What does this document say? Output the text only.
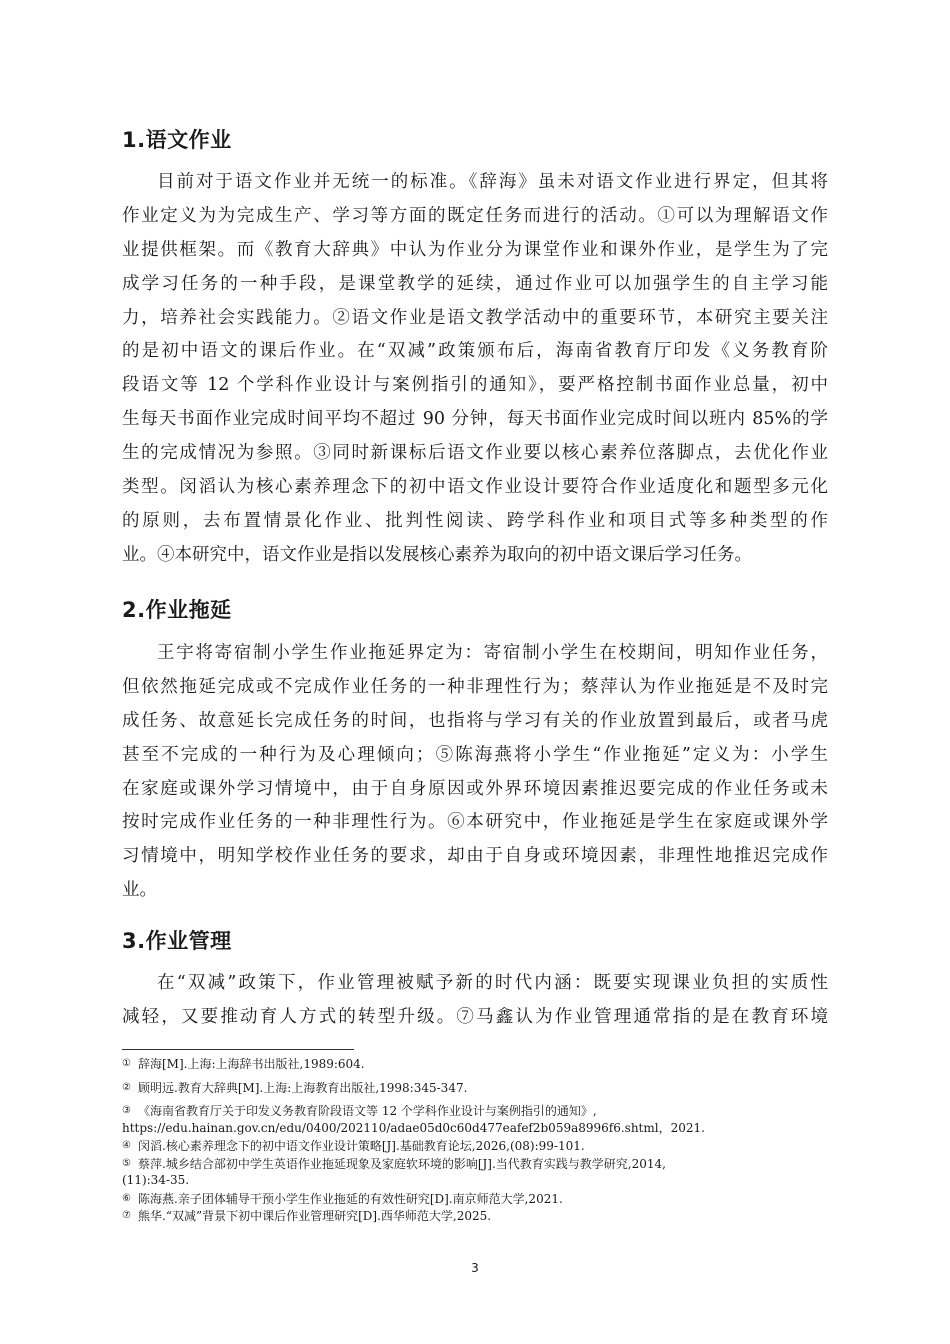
1.语文作业
目前对于语文作业并无统一的标准。《辞海》虽未对语文作业进行界定，但其将
作业定义为为完成生产、学习等方面的既定任务而进行的活动。①可以为理解语文作
业提供框架。而《教育大辞典》中认为作业分为课堂作业和课外作业，是学生为了完
成学习任务的一种手段，是课堂教学的延续，通过作业可以加强学生的自主学习能
力，培养社会实践能力。②语文作业是语文教学活动中的重要环节，本研究主要关注
的是初中语文的课后作业。在“双减”政策颁布后，海南省教育厅印发《义务教育阶
段语文等 12 个学科作业设计与案例指引的通知》，要严格控制书面作业总量，初中
生每天书面作业完成时间平均不超过 90 分钟，每天书面作业完成时间以班内 85%的学
生的完成情况为参照。③同时新课标后语文作业要以核心素养位落脚点，去优化作业
类型。闵滔认为核心素养理念下的初中语文作业设计要符合作业适度化和题型多元化
的原则，去布置情景化作业、批判性阅读、跨学科作业和项目式等多种类型的作
业。④本研究中，语文作业是指以发展核心素养为取向的初中语文课后学习任务。
2.作业拖延
王宇将寄宿制小学生作业拖延界定为：寄宿制小学生在校期间，明知作业任务，
但依然拖延完成或不完成作业任务的一种非理性行为；蔡萍认为作业拖延是不及时完
成任务、故意延长完成任务的时间，也指将与学习有关的作业放置到最后，或者马虎
甚至不完成的一种行为及心理倾向；⑤陈海燕将小学生“作业拖延”定义为：小学生
在家庭或课外学习情境中，由于自身原因或外界环境因素推迟要完成的作业任务或未
按时完成作业任务的一种非理性行为。⑥本研究中，作业拖延是学生在家庭或课外学
习情境中，明知学校作业任务的要求，却由于自身或环境因素，非理性地推迟完成作
业。
3.作业管理
在“双减”政策下，作业管理被赋予新的时代内涵：既要实现课业负担的实质性
减轻，又要推动育人方式的转型升级。⑦马鑫认为作业管理通常指的是在教育环境
① 辞海[M].上海:上海辞书出版社,1989:604.
② 顾明远.教育大辞典[M].上海:上海教育出版社,1998:345-347.
③ 《海南省教育厅关于印发义务教育阶段语文等 12 个学科作业设计与案例指引的通知》,
https://edu.hainan.gov.cn/edu/0400/202110/adae05d0c60d477eafef2b059a8996f6.shtml，2021.
④ 闵滔.核心素养理念下的初中语文作业设计策略[J].基础教育论坛,2026,(08):99-101.
⑤ 蔡萍.城乡结合部初中学生英语作业拖延现象及家庭软环境的影响[J].当代教育实践与教学研究,2014,
(11):34-35.
⑥ 陈海燕.亲子团体辅导干预小学生作业拖延的有效性研究[D].南京师范大学,2021.
⑦ 熊华.“双减”背景下初中课后作业管理研究[D].西华师范大学,2025.
3
